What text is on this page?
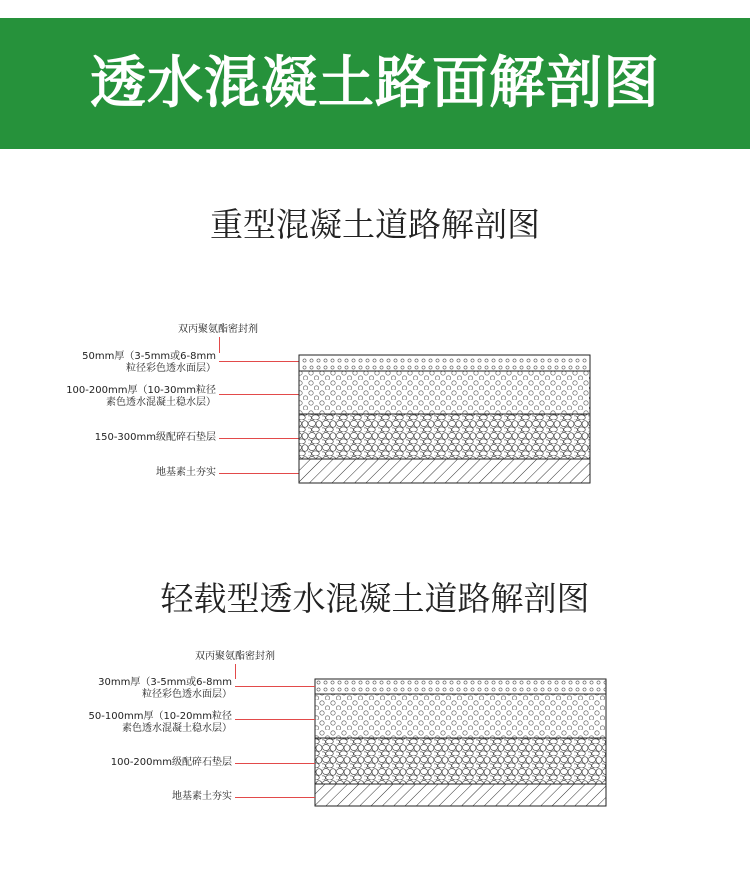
透水混凝土路面解剖图
重型混凝土道路解剖图
双丙聚氨酯密封剂
50mm厚（3-5mm或6-8mm
粒径彩色透水面层）
100-200mm厚（10-30mm粒径
素色透水混凝土稳水层）
150-300mm级配碎石垫层
地基素土夯实
轻载型透水混凝土道路解剖图
双丙聚氨酯密封剂
30mm厚（3-5mm或6-8mm
粒径彩色透水面层）
50-100mm厚（10-20mm粒径
素色透水混凝土稳水层）
100-200mm级配碎石垫层
地基素土夯实
